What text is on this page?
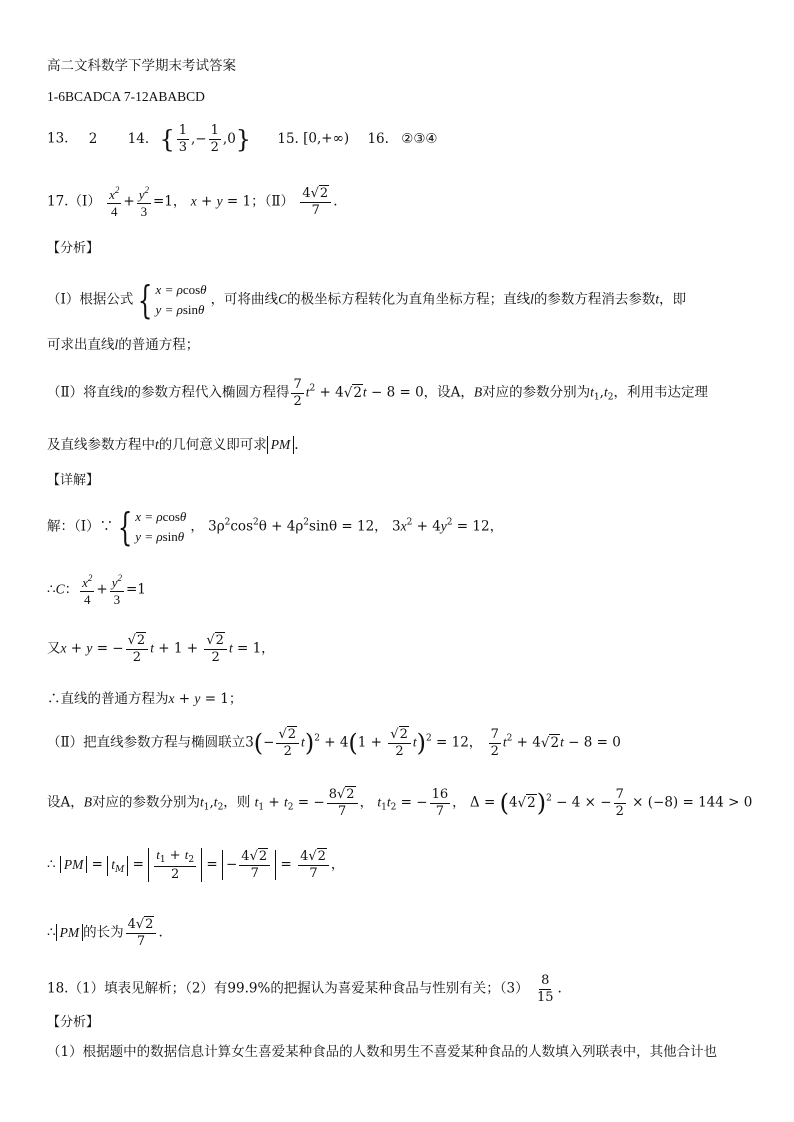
高二文科数学下学期末考试答案
1-6BCADCA 7-12ABABCD
13. 2 14. { $\frac{1}{3}$ ,− $\frac{1}{2} ,0$} 15. [0,+∞) 16. ②③④
17.（Ⅰ） $\frac{x^2}{4} + \frac{y^2}{3} =1$， x + y = 1；（Ⅱ） $\frac{4√2}{7}$ .
【分析】
（Ⅰ）根据公式 { x = ρcosθ
y = ρsinθ
，可将曲线C的极坐标方程转化为直角坐标方程；直线l的参数方程消去参数t，即
可求出直线l的普通方程；
（Ⅱ）将直线l的参数方程代入椭圆方程得 $\frac{7}{2} t^2 + 4√2t - 8 = 0$，设A，B对应的参数分别为$t_1,t_2$，利用韦达定理
及直线参数方程中t的几何意义即可求 PM .
【详解】
解：（Ⅰ）∵ { x = ρcosθ
y = ρsinθ
， $3\rho^2\cos^2\theta + 4\rho^2\sin\theta = 12$， $3x^2 + 4y^2 = 12$，
∴C： $\frac{x^2}{4} + \frac{y^2}{3} =1$
又x + y = − $\frac{√2}{2}$ $t + 1 + \frac{√2}{2}$ t = 1，
∴直线的普通方程为x + y = 1；
（Ⅱ）把直线参数方程与椭圆联立$3(- \frac{√2}{2} t)^2 + 4(1 + \frac{√2}{2} t)^2 = 12$， $\frac{7}{2} t^2 + 4√2t - 8 = 0$
设A，B对应的参数分别为$t_1,t_2$，则 $t_1 + t_2$ = − $\frac{8√2}{7}$ ， $t_1t_2$ = − $\frac{16}{7}$ ， $\Delta = (4√2)^2 - 4$ × − $\frac{7}{2} \times (-8) = 144 > 0$
∴ PM = $t_M = \frac{t_1 + t_2}{2}$ = − $\frac{4√2}{7} = \frac{4√2}{7}$ ，
∴ PM 的长为 $\frac{4√2}{7}$ .
18.（1）填表见解析；（2）有99.9%的把握认为喜爱某种食品与性别有关；$(3) \frac{8}{15}$ .
【分析】
（1）根据题中的数据信息计算女生喜爱某种食品的人数和男生不喜爱某种食品的人数填入列联表中，其他合计也
